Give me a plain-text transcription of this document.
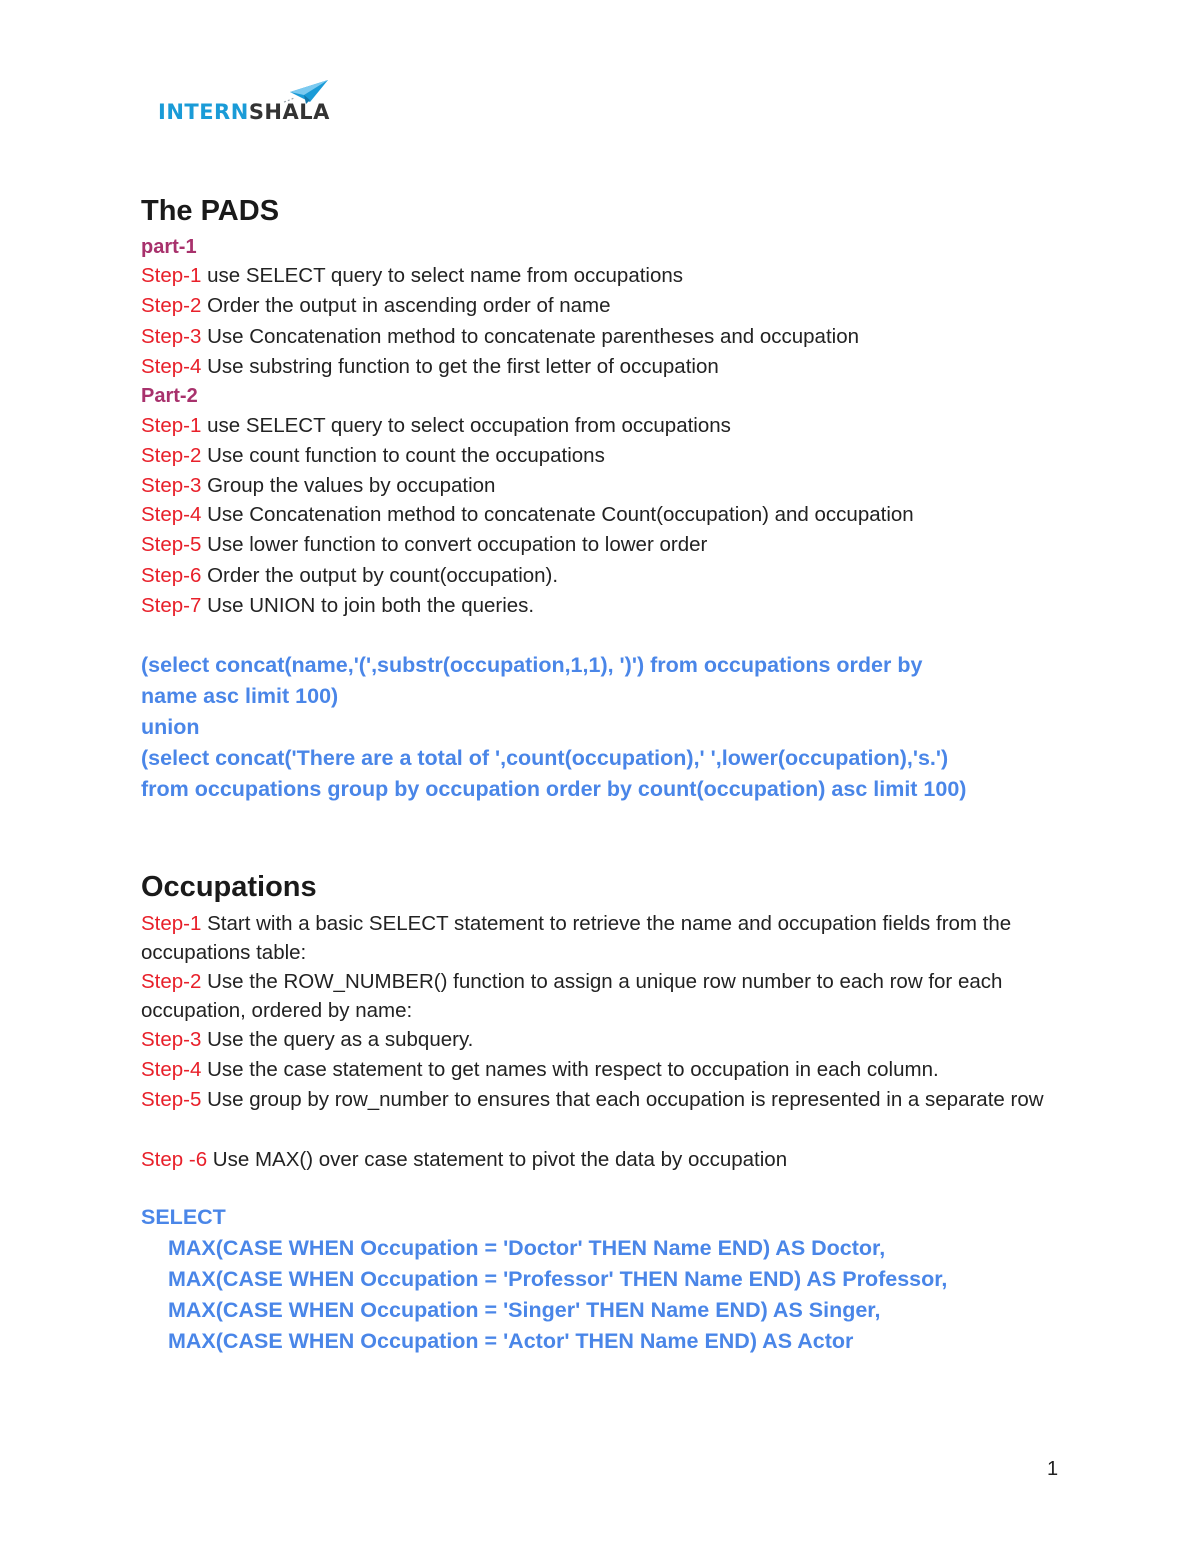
INTERNSHALA
The PADS
part-1
Step-1 use SELECT query to select name from occupations
Step-2 Order the output in ascending order of name
Step-3 Use Concatenation method to concatenate parentheses and occupation
Step-4 Use substring function to get the first letter of occupation
Part-2
Step-1 use SELECT query to select occupation from occupations
Step-2 Use count function to count the occupations
Step-3 Group the values by occupation
Step-4 Use Concatenation method to concatenate Count(occupation) and occupation
Step-5 Use lower function to convert occupation to lower order
Step-6 Order the output by count(occupation).
Step-7 Use UNION to join both the queries.
(select concat(name,'(',substr(occupation,1,1), ')') from occupations order by
name asc limit 100)
union
(select concat('There are a total of ',count(occupation),' ',lower(occupation),'s.')
from occupations group by occupation order by count(occupation) asc limit 100)
Occupations
Step-1 Start with a basic SELECT statement to retrieve the name and occupation fields from the occupations table:
Step-2 Use the ROW_NUMBER() function to assign a unique row number to each row for each occupation, ordered by name:
Step-3 Use the query as a subquery.
Step-4 Use the case statement to get names with respect to occupation in each column.
Step-5 Use group by row_number to ensures that each occupation is represented in a separate row
Step -6 Use MAX() over case statement to pivot the data by occupation
SELECT
MAX(CASE WHEN Occupation = 'Doctor' THEN Name END) AS Doctor,
MAX(CASE WHEN Occupation = 'Professor' THEN Name END) AS Professor,
MAX(CASE WHEN Occupation = 'Singer' THEN Name END) AS Singer,
MAX(CASE WHEN Occupation = 'Actor' THEN Name END) AS Actor
1
